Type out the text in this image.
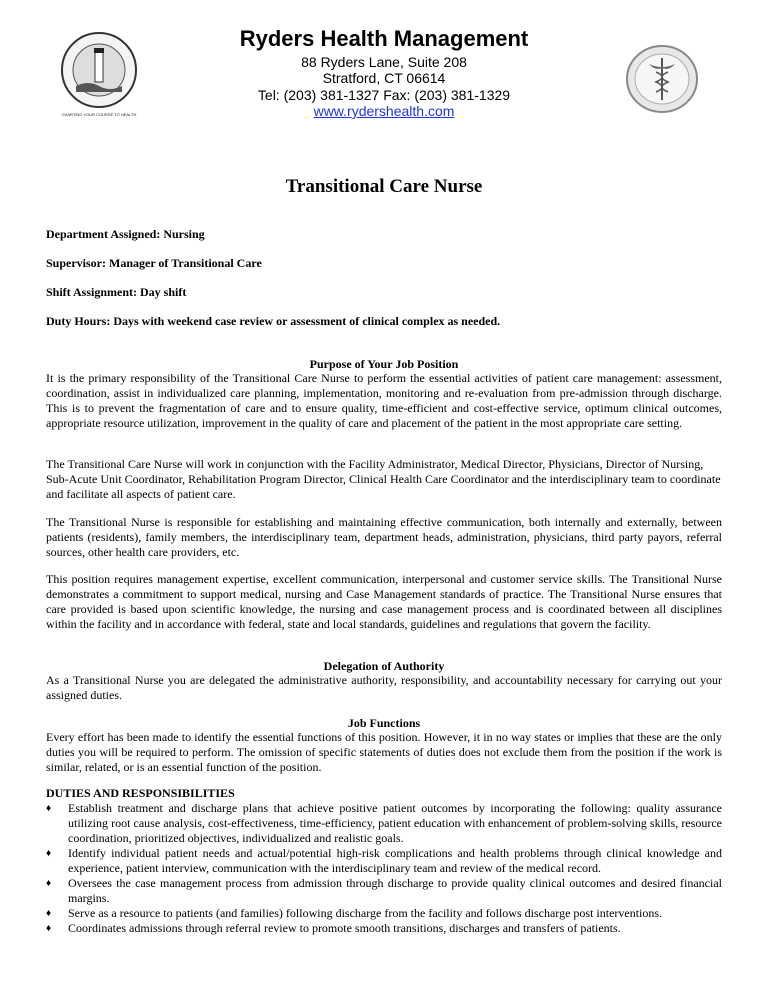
CHARTING YOUR COURSE TO HEALTH
Ryders Health Management
88 Ryders Lane, Suite 208
Stratford, CT 06614
Tel: (203) 381-1327 Fax: (203) 381-1329
www.rydershealth.com
Transitional Care Nurse
Department Assigned: Nursing
Supervisor: Manager of Transitional Care
Shift Assignment: Day shift
Duty Hours: Days with weekend case review or assessment of clinical complex as needed.
Purpose of Your Job Position
It is the primary responsibility of the Transitional Care Nurse to perform the essential activities of patient care management: assessment, coordination, assist in individualized care planning, implementation, monitoring and re-evaluation from pre-admission through discharge. This is to prevent the fragmentation of care and to ensure quality, time-efficient and cost-effective service, optimum clinical outcomes, appropriate resource utilization, improvement in the quality of care and placement of the patient in the most appropriate care setting.
The Transitional Care Nurse will work in conjunction with the Facility Administrator, Medical Director, Physicians, Director of Nursing, Sub-Acute Unit Coordinator, Rehabilitation Program Director, Clinical Health Care Coordinator and the interdisciplinary team to coordinate and facilitate all aspects of patient care.
The Transitional Nurse is responsible for establishing and maintaining effective communication, both internally and externally, between patients (residents), family members, the interdisciplinary team, department heads, administration, physicians, third party payors, referral sources, other health care providers, etc.
This position requires management expertise, excellent communication, interpersonal and customer service skills. The Transitional Nurse demonstrates a commitment to support medical, nursing and Case Management standards of practice. The Transitional Nurse ensures that care provided is based upon scientific knowledge, the nursing and case management process and is coordinated between all disciplines within the facility and in accordance with federal, state and local standards, guidelines and regulations that govern the facility.
Delegation of Authority
As a Transitional Nurse you are delegated the administrative authority, responsibility, and accountability necessary for carrying out your assigned duties.
Job Functions
Every effort has been made to identify the essential functions of this position. However, it in no way states or implies that these are the only duties you will be required to perform. The omission of specific statements of duties does not exclude them from the position if the work is similar, related, or is an essential function of the position.
DUTIES AND RESPONSIBILITIES
♦ Establish treatment and discharge plans that achieve positive patient outcomes by incorporating the following: quality assurance utilizing root cause analysis, cost-effectiveness, time-efficiency, patient education with enhancement of problem-solving skills, resource coordination, prioritized objectives, individualized and realistic goals.
♦ Identify individual patient needs and actual/potential high-risk complications and health problems through clinical knowledge and experience, patient interview, communication with the interdisciplinary team and review of the medical record.
♦ Oversees the case management process from admission through discharge to provide quality clinical outcomes and desired financial margins.
♦ Serve as a resource to patients (and families) following discharge from the facility and follows discharge post interventions.
♦ Coordinates admissions through referral review to promote smooth transitions, discharges and transfers of patients.
